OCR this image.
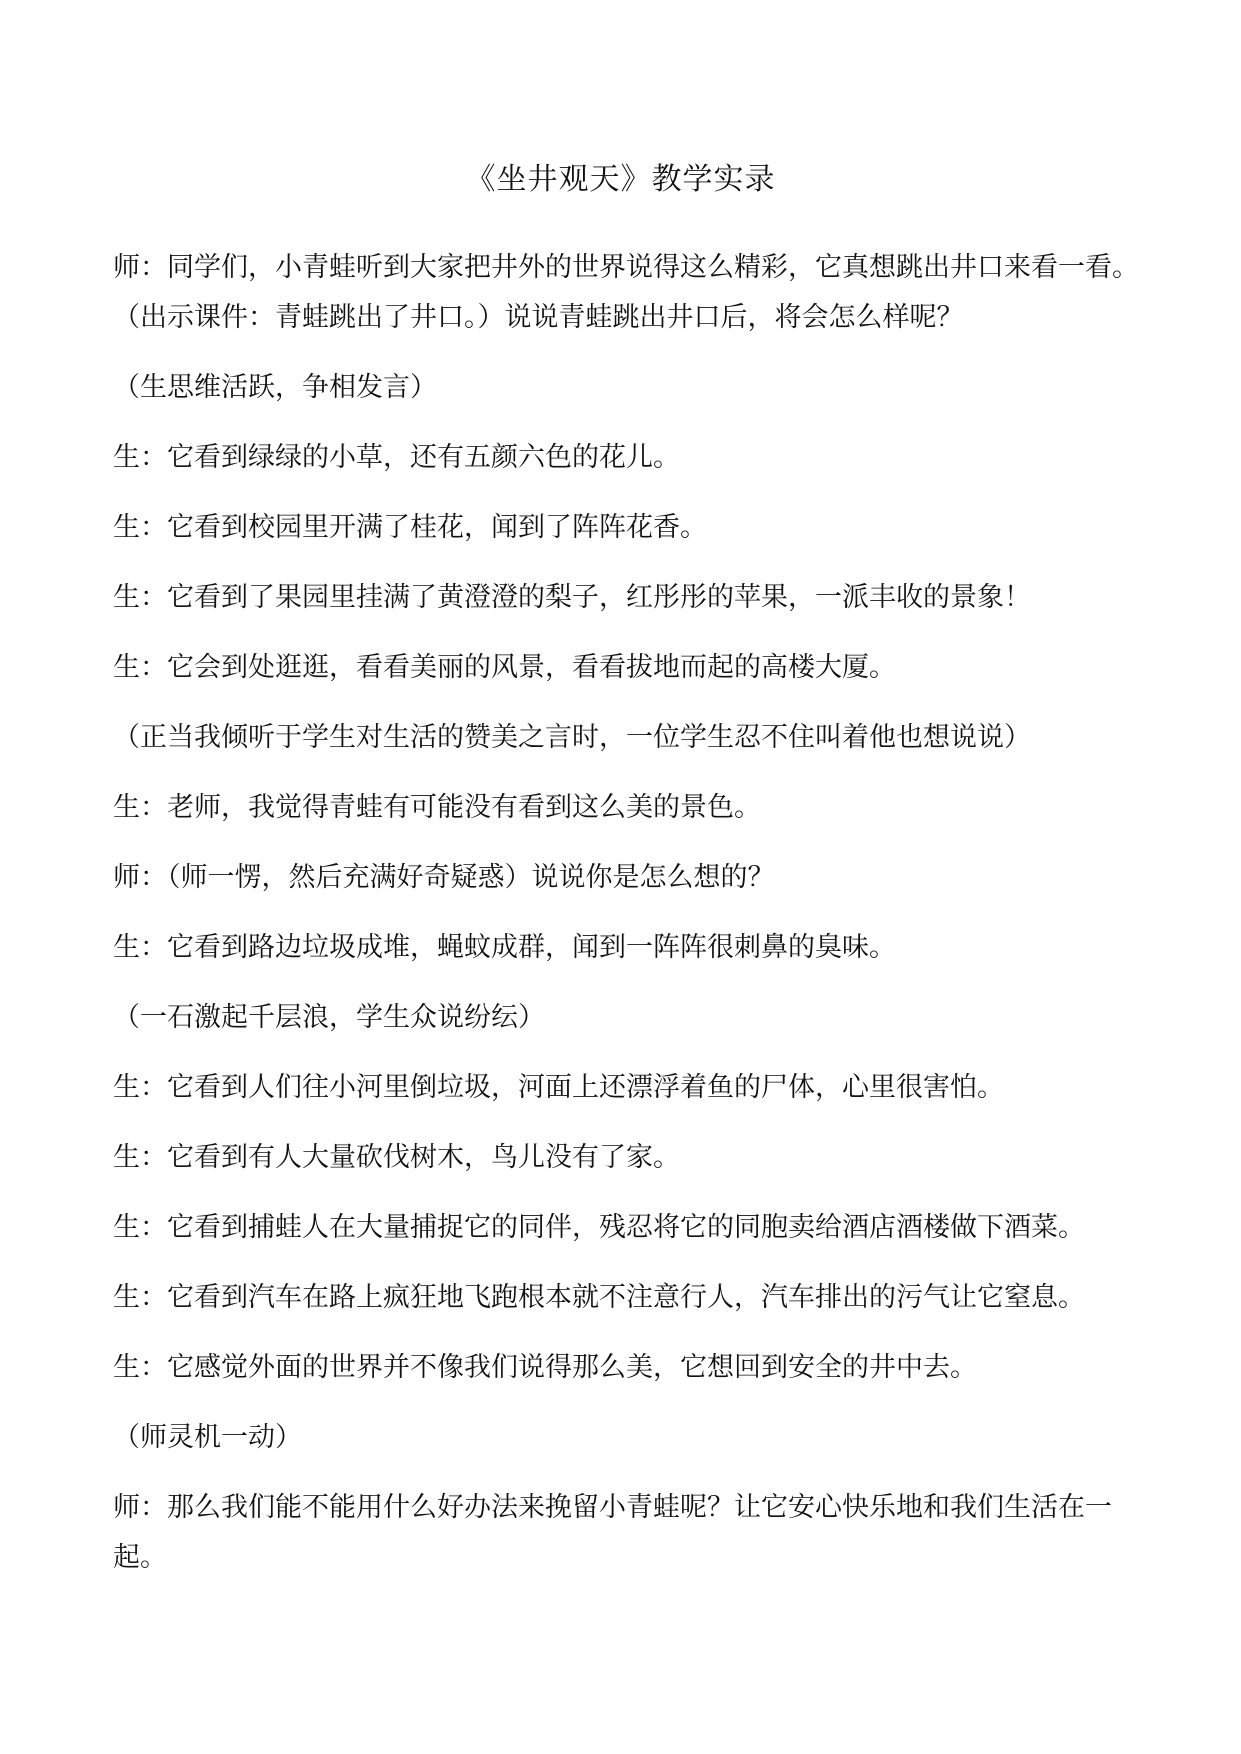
《坐井观天》教学实录

师：同学们，小青蛙听到大家把井外的世界说得这么精彩，它真想跳出井口来看一看。（出示课件：青蛙跳出了井口。）说说青蛙跳出井口后，将会怎么样呢？

（生思维活跃，争相发言）

生：它看到绿绿的小草，还有五颜六色的花儿。

生：它看到校园里开满了桂花，闻到了阵阵花香。

生：它看到了果园里挂满了黄澄澄的梨子，红彤彤的苹果，一派丰收的景象！

生：它会到处逛逛，看看美丽的风景，看看拔地而起的高楼大厦。

（正当我倾听于学生对生活的赞美之言时，一位学生忍不住叫着他也想说说）

生：老师，我觉得青蛙有可能没有看到这么美的景色。

师：（师一愣，然后充满好奇疑惑）说说你是怎么想的？

生：它看到路边垃圾成堆，蝇蚊成群，闻到一阵阵很刺鼻的臭味。

（一石激起千层浪，学生众说纷纭）

生：它看到人们往小河里倒垃圾，河面上还漂浮着鱼的尸体，心里很害怕。

生：它看到有人大量砍伐树木，鸟儿没有了家。

生：它看到捕蛙人在大量捕捉它的同伴，残忍将它的同胞卖给酒店酒楼做下酒菜。

生：它看到汽车在路上疯狂地飞跑根本就不注意行人，汽车排出的污气让它窒息。

生：它感觉外面的世界并不像我们说得那么美，它想回到安全的井中去。

（师灵机一动）

师：那么我们能不能用什么好办法来挽留小青蛙呢？让它安心快乐地和我们生活在一起。
